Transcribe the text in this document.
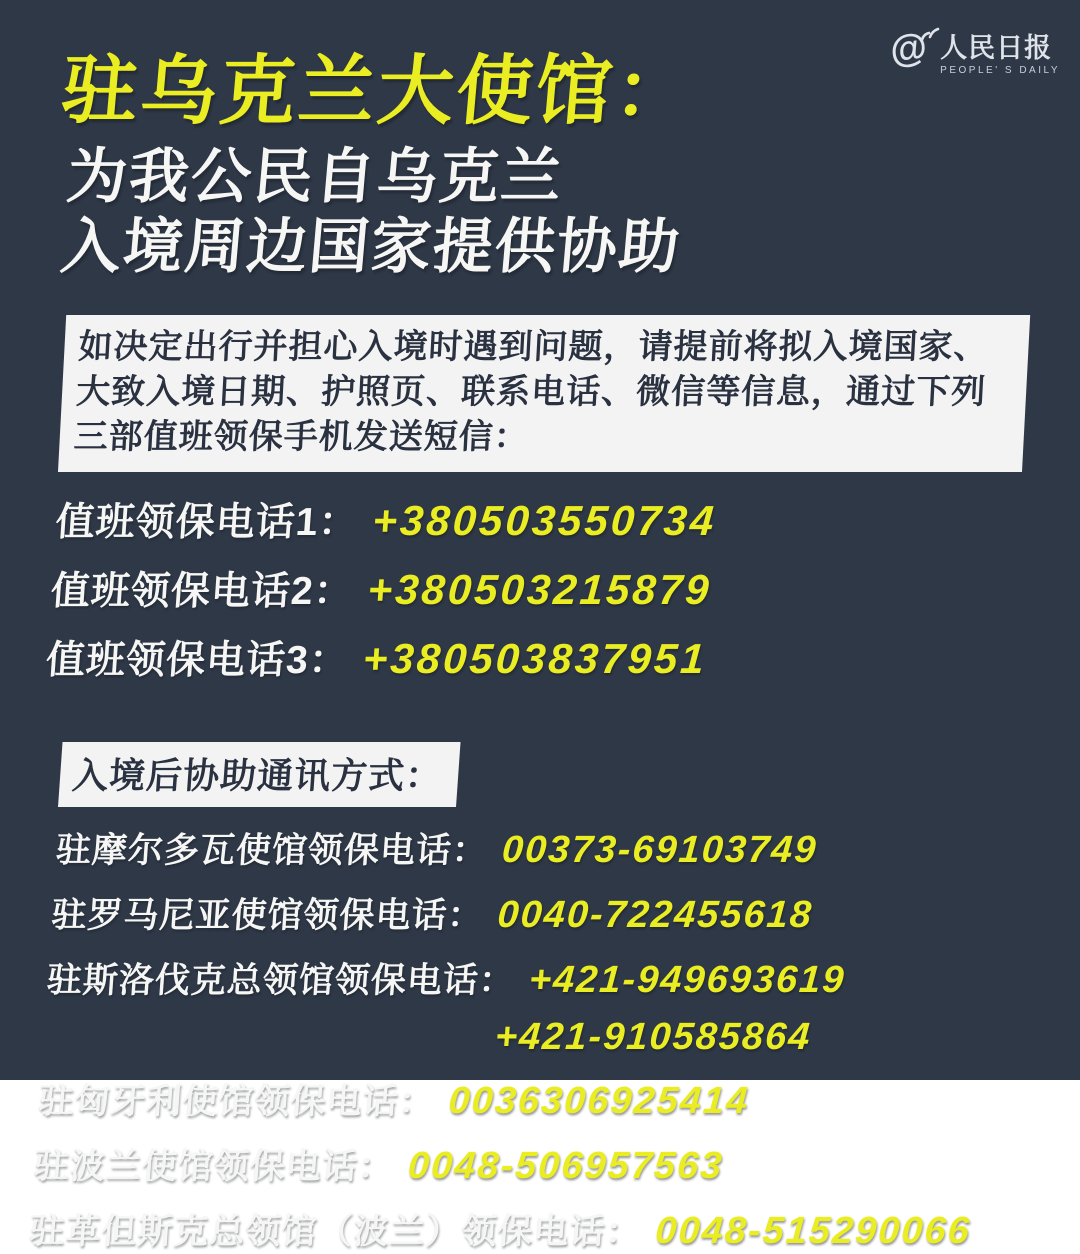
@ 人民日报
PEOPLE' S DAILY
驻乌克兰大使馆：
为我公民自乌克兰
入境周边国家提供协助
如决定出行并担心入境时遇到问题，请提前将拟入境国家、大致入境日期、护照页、联系电话、微信等信息，通过下列三部值班领保手机发送短信：
值班领保电话1： +380503550734
值班领保电话2： +380503215879
值班领保电话3： +380503837951
入境后协助通讯方式：
驻摩尔多瓦使馆领保电话： 00373-69103749
驻罗马尼亚使馆领保电话： 0040-722455618
驻斯洛伐克总领馆领保电话： +421-949693619
+421-910585864
驻匈牙利使馆领保电话： 0036306925414
驻波兰使馆领保电话： 0048-506957563
驻革但斯克总领馆（波兰）领保电话： 0048-515290066
